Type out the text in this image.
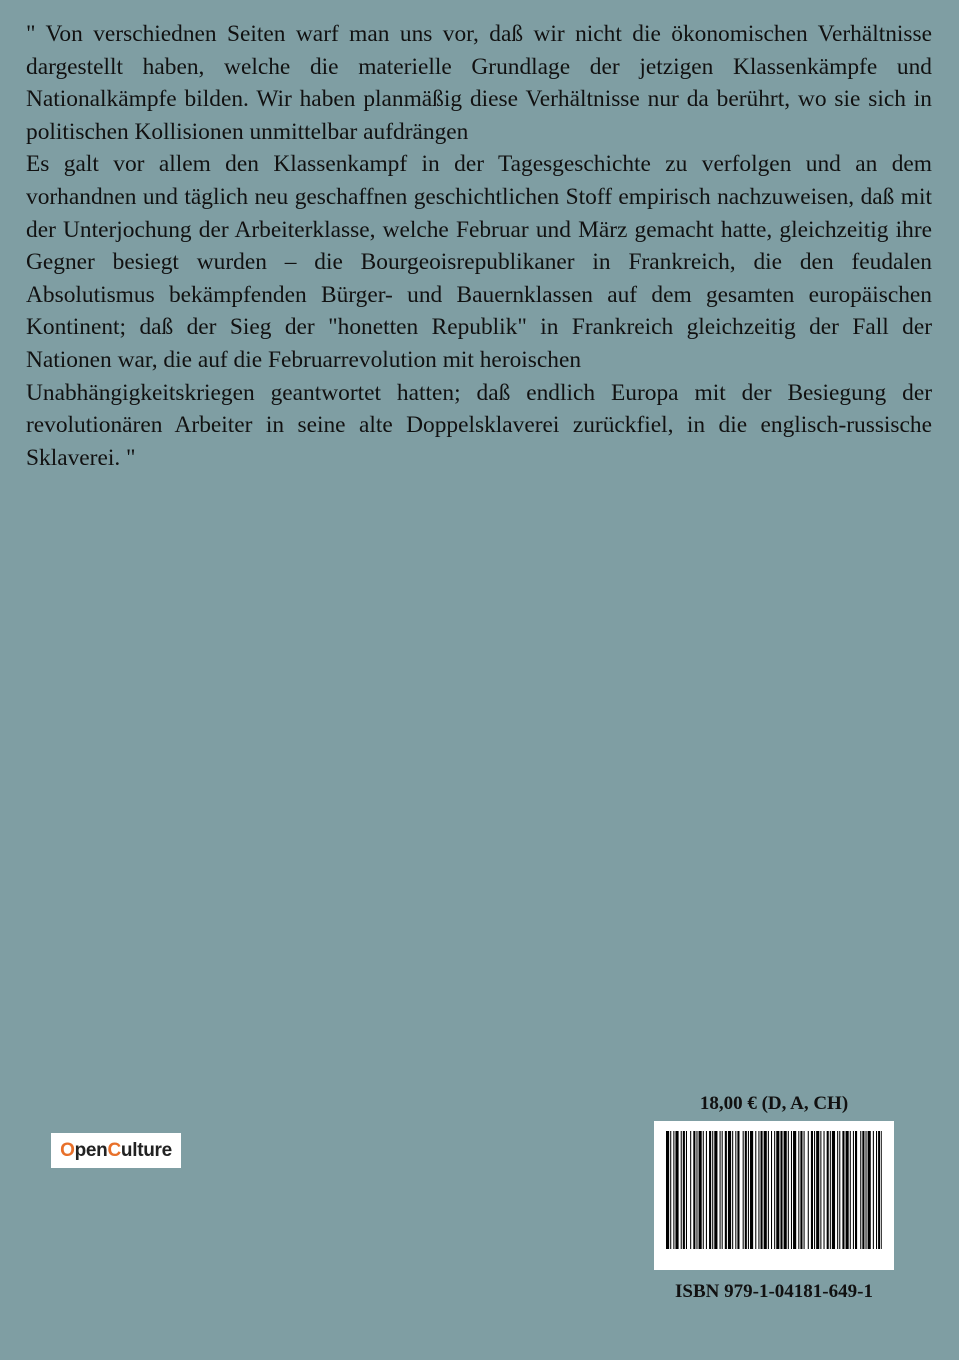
" Von verschiednen Seiten warf man uns vor, daß wir nicht die ökonomischen Verhältnisse dargestellt haben, welche die materielle Grundlage der jetzigen Klassenkämpfe und Nationalkämpfe bilden. Wir haben planmäßig diese Verhältnisse nur da berührt, wo sie sich in politischen Kollisionen unmittelbar aufdrängen

Es galt vor allem den Klassenkampf in der Tagesgeschichte zu verfolgen und an dem vorhandnen und täglich neu geschaffnen geschichtlichen Stoff empirisch nachzuweisen, daß mit der Unterjochung der Arbeiterklasse, welche Februar und März gemacht hatte, gleichzeitig ihre Gegner besiegt wurden – die Bourgeoisrepublikaner in Frankreich, die den feudalen Absolutismus bekämpfenden Bürger- und Bauernklassen auf dem gesamten europäischen Kontinent; daß der Sieg der "honetten Republik" in Frankreich gleichzeitig der Fall der Nationen war, die auf die Februarrevolution mit heroischen

Unabhängigkeitskriegen geantwortet hatten; daß endlich Europa mit der Besiegung der revolutionären Arbeiter in seine alte Doppelsklaverei zurückfiel, in die englisch-russische Sklaverei. "

O pen C ulture
18,00 € (D, A, CH)
ISBN 979-1-04181-649-1
